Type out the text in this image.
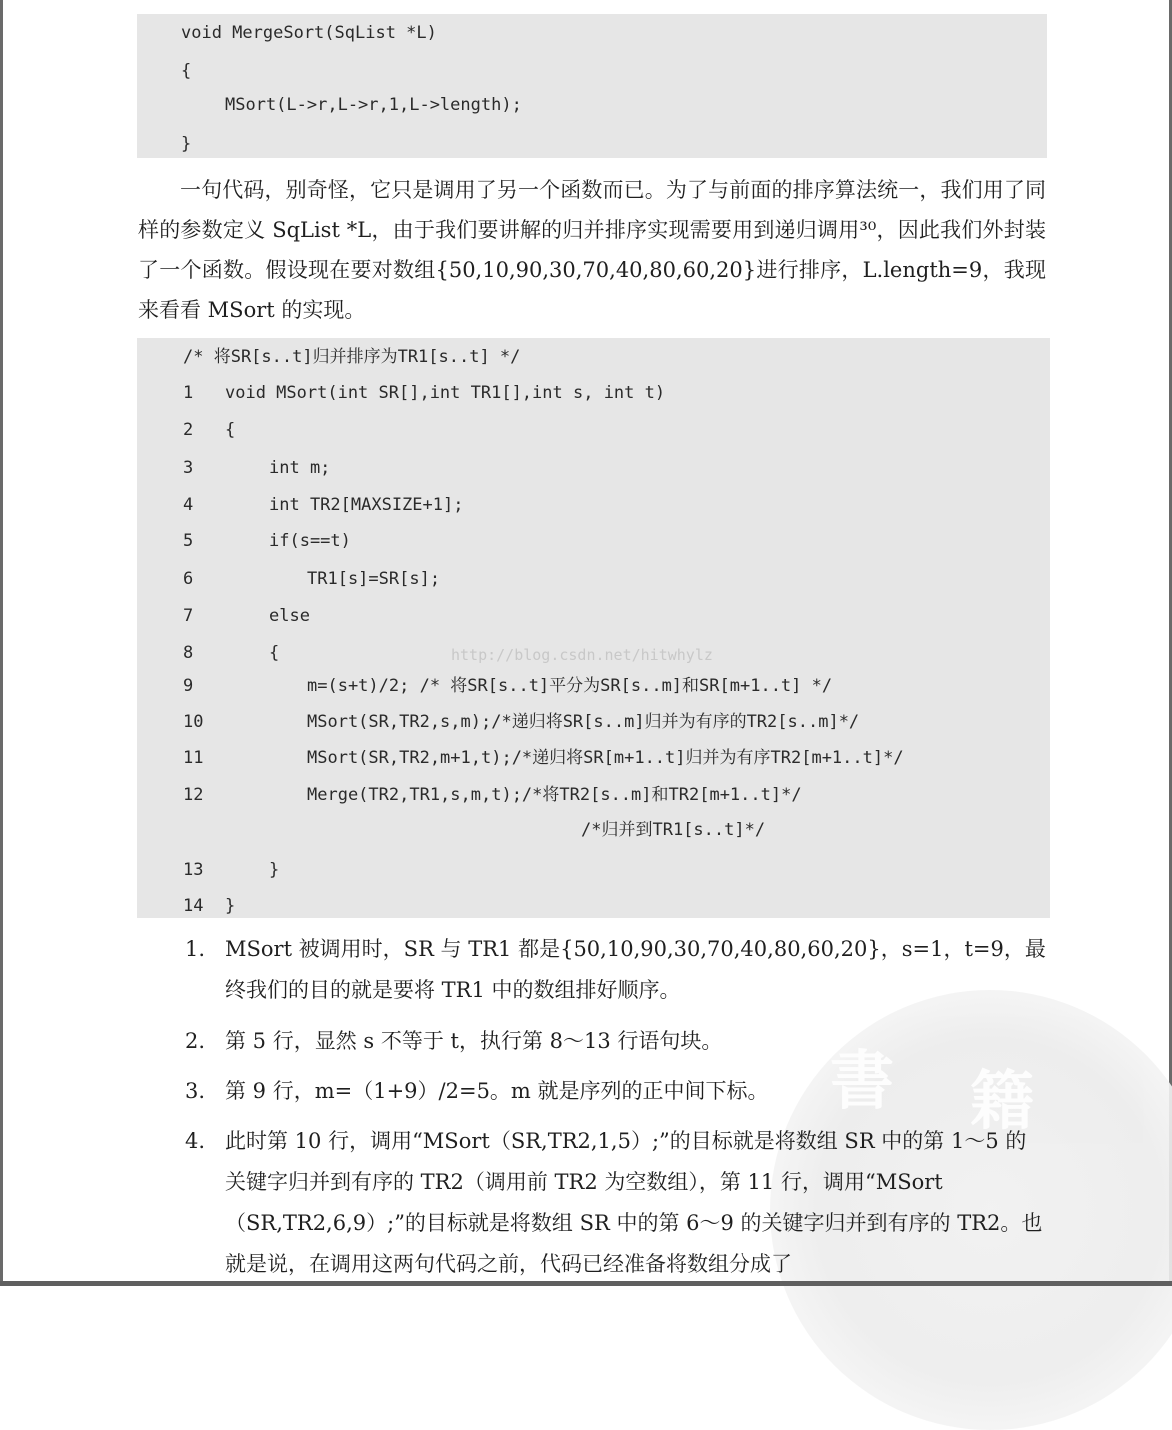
書 籍
void MergeSort(SqList *L)
{
MSort(L->r,L->r,1,L->length);
}
一句代码，别奇怪，它只是调用了另一个函数而已。为了与前面的排序算法统一，我们用了同样的参数定义 SqList *L，由于我们要讲解的归并排序实现需要用到递归调用³⁰，因此我们外封装了一个函数。假设现在要对数组{50,10,90,30,70,40,80,60,20}进行排序，L.length=9，我现来看看 MSort 的实现。
/* 将SR[s..t]归并排序为TR1[s..t] */
http://blog.csdn.net/hitwhylz
1	void MSort(int SR[],int TR1[],int s, int t)
2	{
3	int m;
4	int TR2[MAXSIZE+1];
5	if(s==t)
6	TR1[s]=SR[s];
7	else
8	{
9	m=(s+t)/2; /* 将SR[s..t]平分为SR[s..m]和SR[m+1..t] */
10	MSort(SR,TR2,s,m);/*递归将SR[s..m]归并为有序的TR2[s..m]*/
11	MSort(SR,TR2,m+1,t);/*递归将SR[m+1..t]归并为有序TR2[m+1..t]*/
12	Merge(TR2,TR1,s,m,t);/*将TR2[s..m]和TR2[m+1..t]*/
/*归并到TR1[s..t]*/
13	}
14	}
1. MSort 被调用时，SR 与 TR1 都是{50,10,90,30,70,40,80,60,20}，s=1，t=9，最终我们的目的就是要将 TR1 中的数组排好顺序。
2. 第 5 行，显然 s 不等于 t，执行第 8～13 行语句块。
3. 第 9 行，m=（1+9）/2=5。m 就是序列的正中间下标。
4. 此时第 10 行，调用“MSort（SR,TR2,1,5）;”的目标就是将数组 SR 中的第 1～5 的关键字归并到有序的 TR2（调用前 TR2 为空数组），第 11 行，调用“MSort（SR,TR2,6,9）;”的目标就是将数组 SR 中的第 6～9 的关键字归并到有序的 TR2。也就是说，在调用这两句代码之前，代码已经准备将数组分成了
